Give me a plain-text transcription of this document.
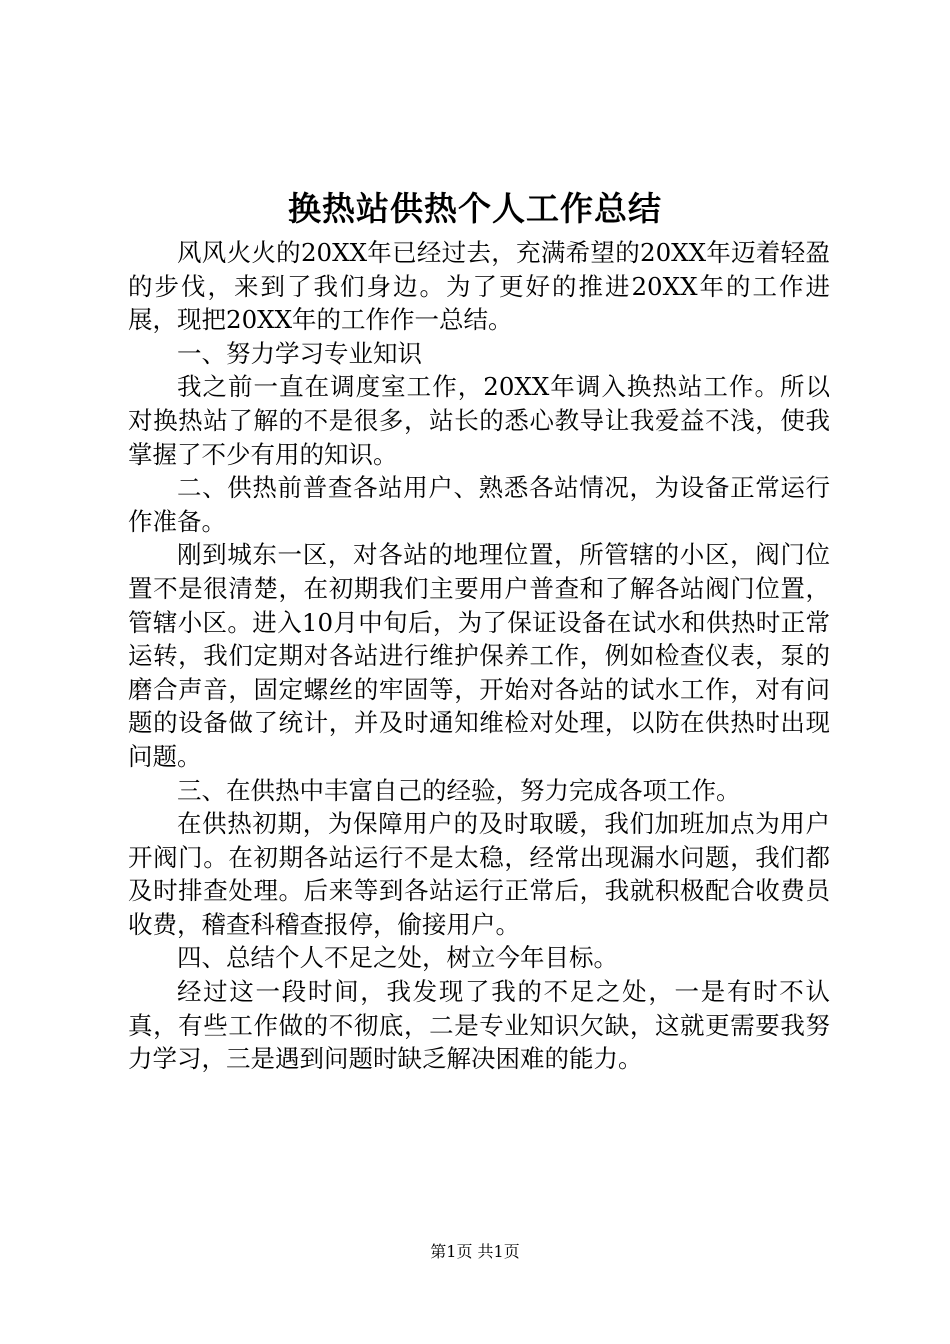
换热站供热个人工作总结

风风火火的20XX年已经过去，充满希望的20XX年迈着轻盈的步伐，来到了我们身边。为了更好的推进20XX年的工作进展，现把20XX年的工作作一总结。

一、努力学习专业知识

我之前一直在调度室工作，20XX年调入换热站工作。所以对换热站了解的不是很多，站长的悉心教导让我爱益不浅，使我掌握了不少有用的知识。

二、供热前普查各站用户、熟悉各站情况，为设备正常运行作准备。

刚到城东一区，对各站的地理位置，所管辖的小区，阀门位置不是很清楚，在初期我们主要用户普查和了解各站阀门位置，管辖小区。进入10月中旬后，为了保证设备在试水和供热时正常运转，我们定期对各站进行维护保养工作，例如检查仪表，泵的磨合声音，固定螺丝的牢固等，开始对各站的试水工作，对有问题的设备做了统计，并及时通知维检对处理，以防在供热时出现问题。

三、在供热中丰富自己的经验，努力完成各项工作。

在供热初期，为保障用户的及时取暖，我们加班加点为用户开阀门。在初期各站运行不是太稳，经常出现漏水问题，我们都及时排查处理。后来等到各站运行正常后，我就积极配合收费员收费，稽查科稽查报停，偷接用户。

四、总结个人不足之处，树立今年目标。

经过这一段时间，我发现了我的不足之处，一是有时不认真，有些工作做的不彻底，二是专业知识欠缺，这就更需要我努力学习，三是遇到问题时缺乏解决困难的能力。

第1页 共1页
